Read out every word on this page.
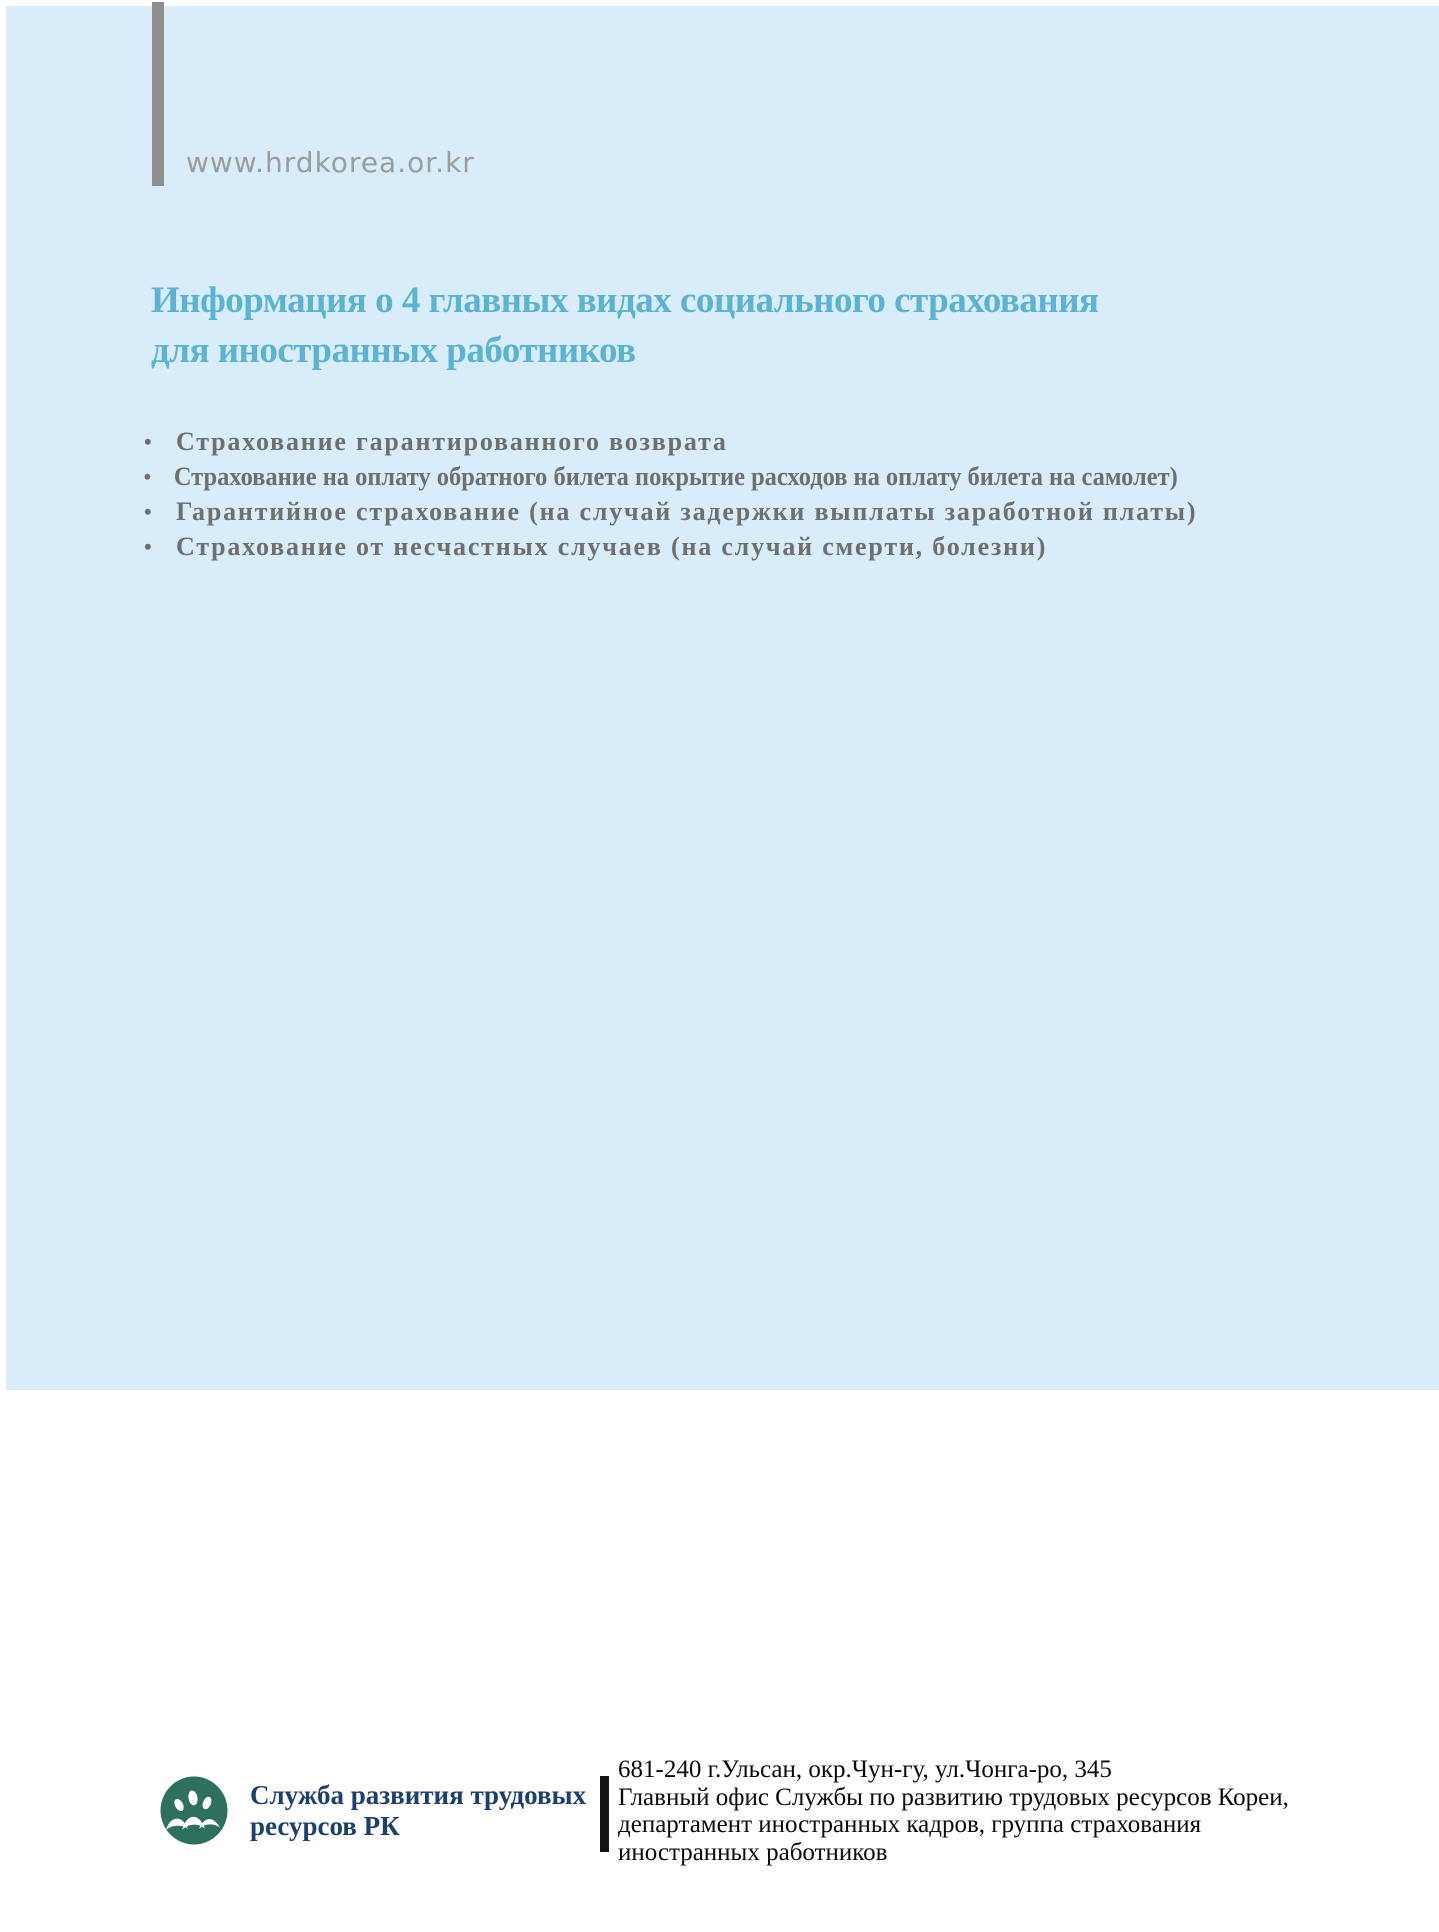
www.hrdkorea.or.kr
Информация о 4 главных видах социального страхования
для иностранных работников
• Страхование гарантированного возврата
• Страхование на оплату обратного билета покрытие расходов на оплату билета на самолет)
• Гарантийное страхование (на случай задержки выплаты заработной платы)
• Страхование от несчастных случаев (на случай смерти, болезни)
Служба развития трудовых
ресурсов РК
681-240 г.Ульсан, окр.Чун-гу, ул.Чонга-ро, 345
Главный офис Службы по развитию трудовых ресурсов Кореи,
департамент иностранных кадров, группа страхования
иностранных работников
